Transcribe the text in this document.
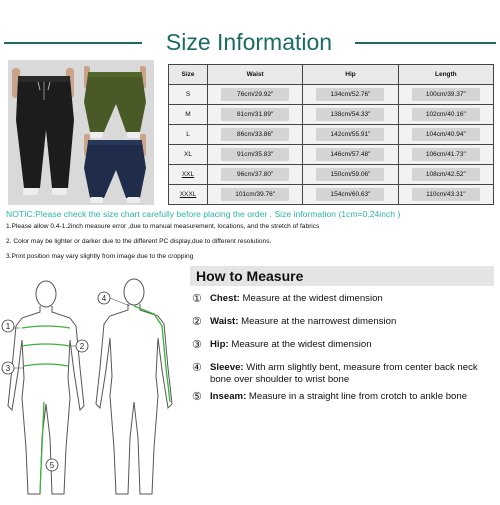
Size Information
Size	Waist	Hip	Length
S	76cm/29.92"	134cm/52.76"	100cm/39.37"
M	81cm/31.89"	138cm/54.33"	102cm/40.16"
L	86cm/33.86"	142cm/55.91"	104cm/40.94"
XL	91cm/35.83"	146cm/57.48"	106cm/41.73"
XXL	96cm/37.80"	150cm/59.06"	108cm/42.52"
XXXL	101cm/39.76"	154cm/60.63"	110cm/43.31"
NOTIC:Please check the size chart carefully before placing the order . Size information (1cm=0.24inch )
1.Please allow 0.4-1.2inch measure error ,due to manual measurement, locations, and the stretch of fabrics
2. Color may be lighter or darker due to the different PC display,due to different resolutions.
3.Print position may vary slightly from image due to the cropping
1
2
3
4
5
How to Measure
① Chest: Measure at the widest dimension
② Waist: Measure at the narrowest dimension
③ Hip: Measure at the widest dimension
④ Sleeve: With arm slightly bent, measure from center back neck bone over shoulder to wrist bone
⑤ Inseam: Measure in a straight line from crotch to ankle bone
